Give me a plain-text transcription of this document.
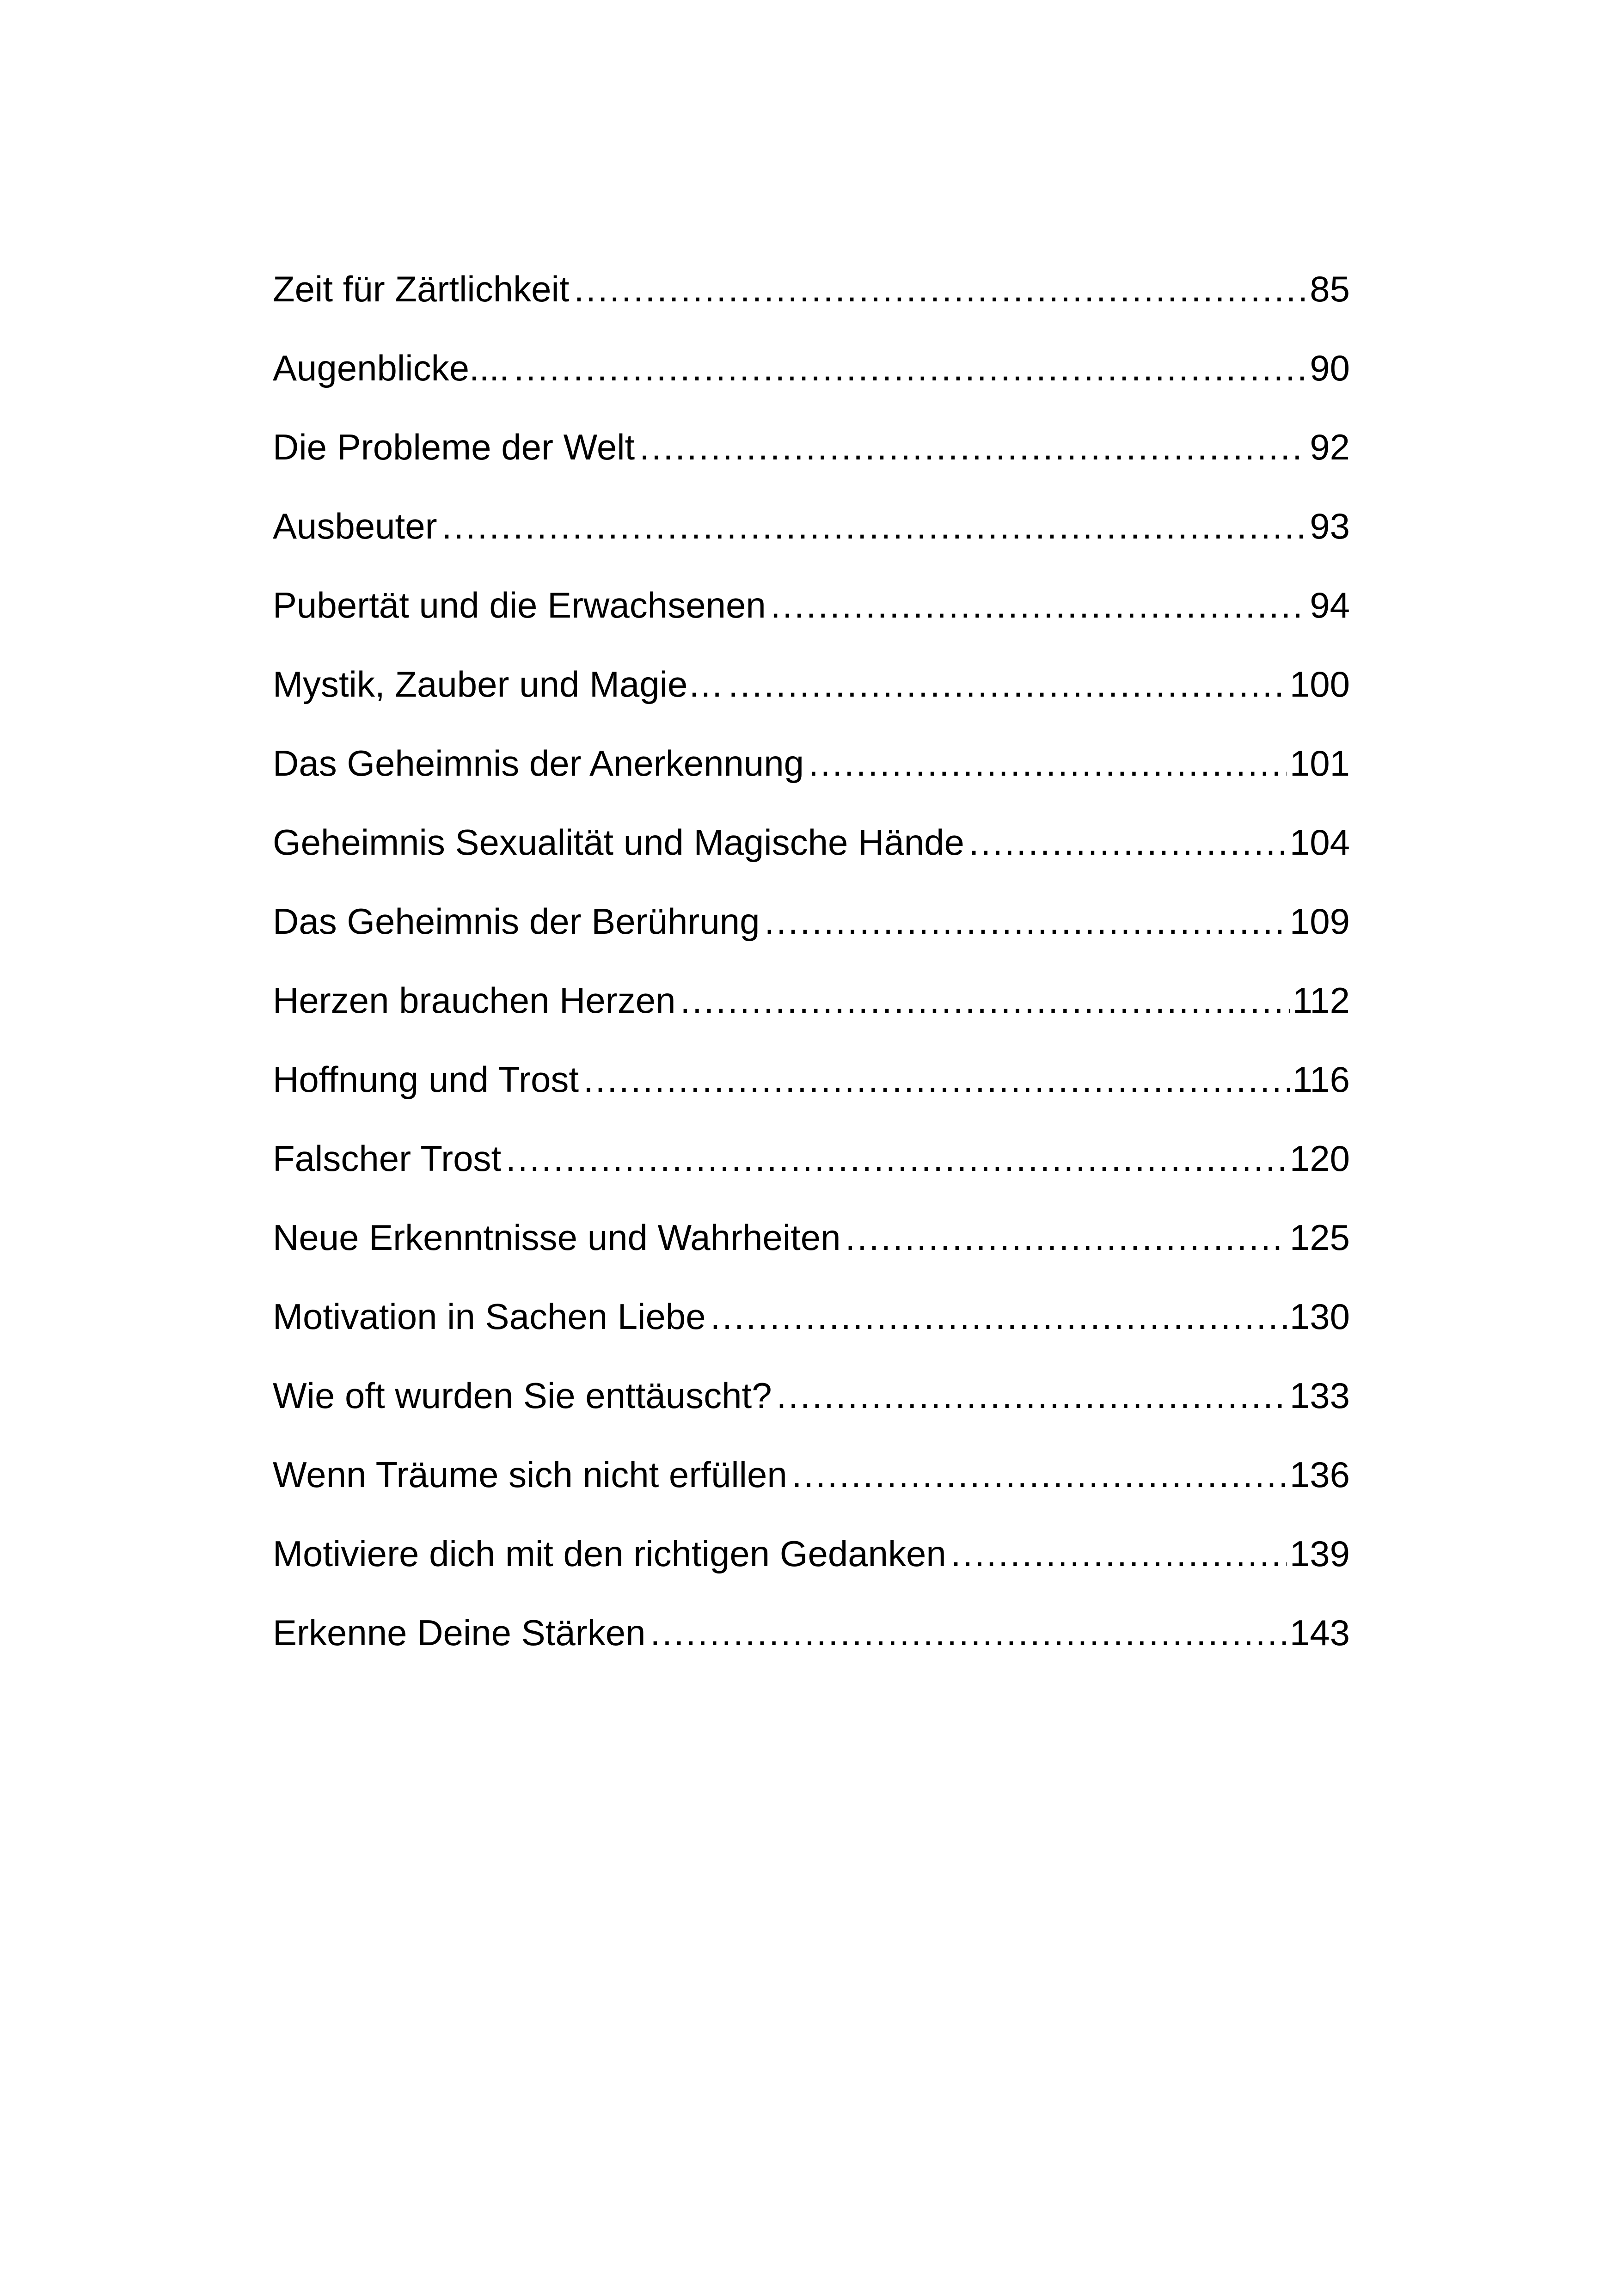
Zeit für Zärtlichkeit .....	85
Augenblicke.... .....	90
Die Probleme der Welt .....	92
Ausbeuter .....	93
Pubertät und die Erwachsenen .....	94
Mystik, Zauber und Magie… .....	100
Das Geheimnis der Anerkennung .....	101
Geheimnis Sexualität und Magische Hände .....	104
Das Geheimnis der Berührung .....	109
Herzen brauchen Herzen .....	112
Hoffnung und Trost .....	116
Falscher Trost .....	120
Neue Erkenntnisse und Wahrheiten .....	125
Motivation in Sachen Liebe .....	130
Wie oft wurden Sie enttäuscht? .....	133
Wenn Träume sich nicht erfüllen .....	136
Motiviere dich mit den richtigen Gedanken .....	139
Erkenne Deine Stärken .....	143
